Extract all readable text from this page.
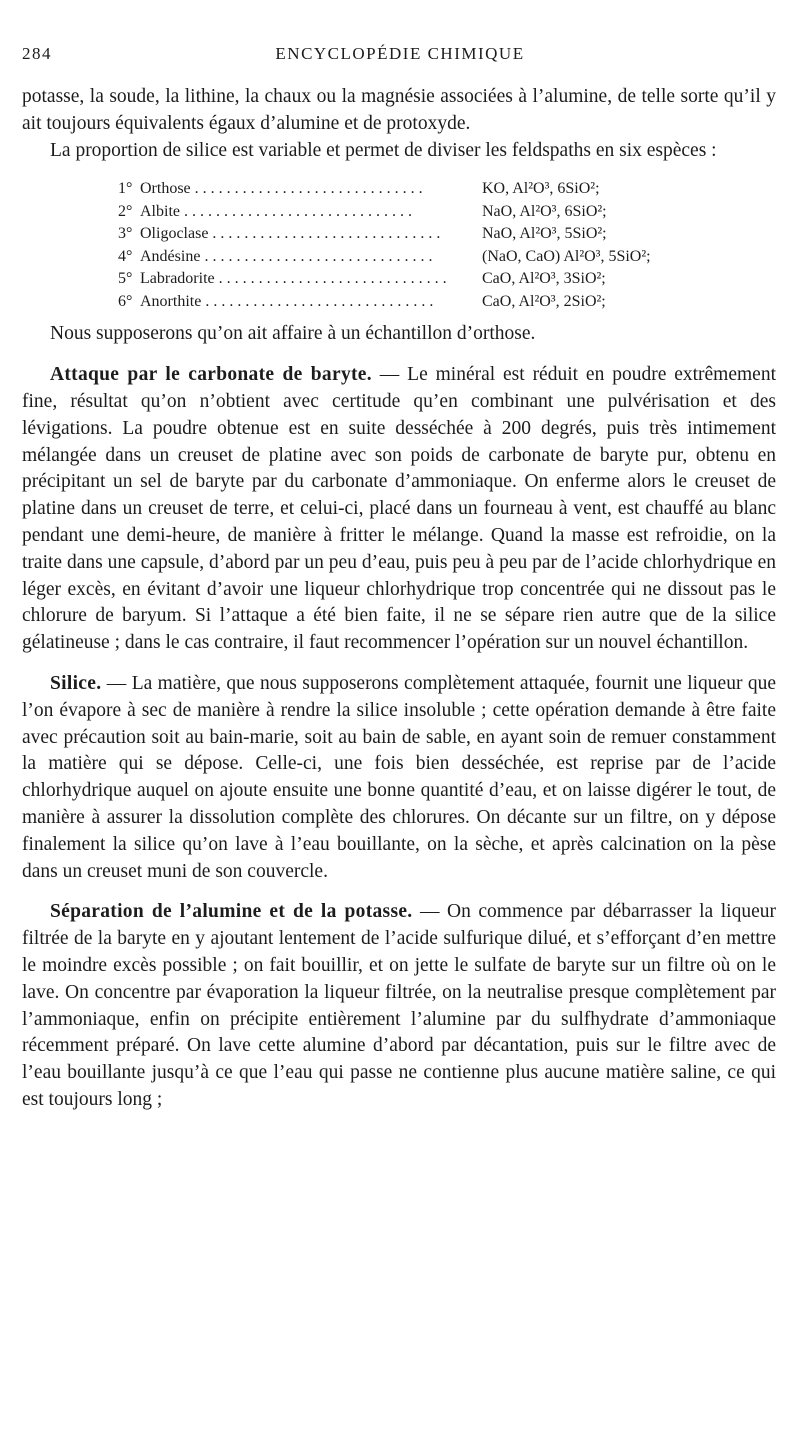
284	ENCYCLOPÉDIE CHIMIQUE

potasse, la soude, la lithine, la chaux ou la magnésie associées à l’alumine, de telle sorte qu’il y ait toujours équivalents égaux d’alumine et de protoxyde.

La proportion de silice est variable et permet de diviser les feldspaths en six espèces :

1° Orthose . . .	KO, Al²O³, 6SiO²;
2° Albite . . .	NaO, Al²O³, 6SiO²;
3° Oligoclase . . .	NaO, Al²O³, 5SiO²;
4° Andésine . . .	(NaO, CaO) Al²O³, 5SiO²;
5° Labradorite . . .	CaO, Al²O³, 3SiO²;
6° Anorthite . . .	CaO, Al²O³, 2SiO²;

Nous supposerons qu’on ait affaire à un échantillon d’orthose.

Attaque par le carbonate de baryte. — Le minéral est réduit en poudre extrêmement fine, résultat qu’on n’obtient avec certitude qu’en combinant une pulvérisation et des lévigations. La poudre obtenue est en suite desséchée à 200 degrés, puis très intimement mélangée dans un creuset de platine avec son poids de carbonate de baryte pur, obtenu en précipitant un sel de baryte par du carbonate d’ammoniaque. On enferme alors le creuset de platine dans un creuset de terre, et celui-ci, placé dans un fourneau à vent, est chauffé au blanc pendant une demi-heure, de manière à fritter le mélange. Quand la masse est refroidie, on la traite dans une capsule, d’abord par un peu d’eau, puis peu à peu par de l’acide chlorhydrique en léger excès, en évitant d’avoir une liqueur chlorhydrique trop concentrée qui ne dissout pas le chlorure de baryum. Si l’attaque a été bien faite, il ne se sépare rien autre que de la silice gélatineuse ; dans le cas contraire, il faut recommencer l’opération sur un nouvel échantillon.

Silice. — La matière, que nous supposerons complètement attaquée, fournit une liqueur que l’on évapore à sec de manière à rendre la silice insoluble ; cette opération demande à être faite avec précaution soit au bain-marie, soit au bain de sable, en ayant soin de remuer constamment la matière qui se dépose. Celle-ci, une fois bien desséchée, est reprise par de l’acide chlorhydrique auquel on ajoute ensuite une bonne quantité d’eau, et on laisse digérer le tout, de manière à assurer la dissolution complète des chlorures. On décante sur un filtre, on y dépose finalement la silice qu’on lave à l’eau bouillante, on la sèche, et après calcination on la pèse dans un creuset muni de son couvercle.

Séparation de l’alumine et de la potasse. — On commence par débarrasser la liqueur filtrée de la baryte en y ajoutant lentement de l’acide sulfurique dilué, et s’efforçant d’en mettre le moindre excès possible ; on fait bouillir, et on jette le sulfate de baryte sur un filtre où on le lave. On concentre par évaporation la liqueur filtrée, on la neutralise presque complètement par l’ammoniaque, enfin on précipite entièrement l’alumine par du sulfhydrate d’ammoniaque récemment préparé. On lave cette alumine d’abord par décantation, puis sur le filtre avec de l’eau bouillante jusqu’à ce que l’eau qui passe ne contienne plus aucune matière saline, ce qui est toujours long ;
